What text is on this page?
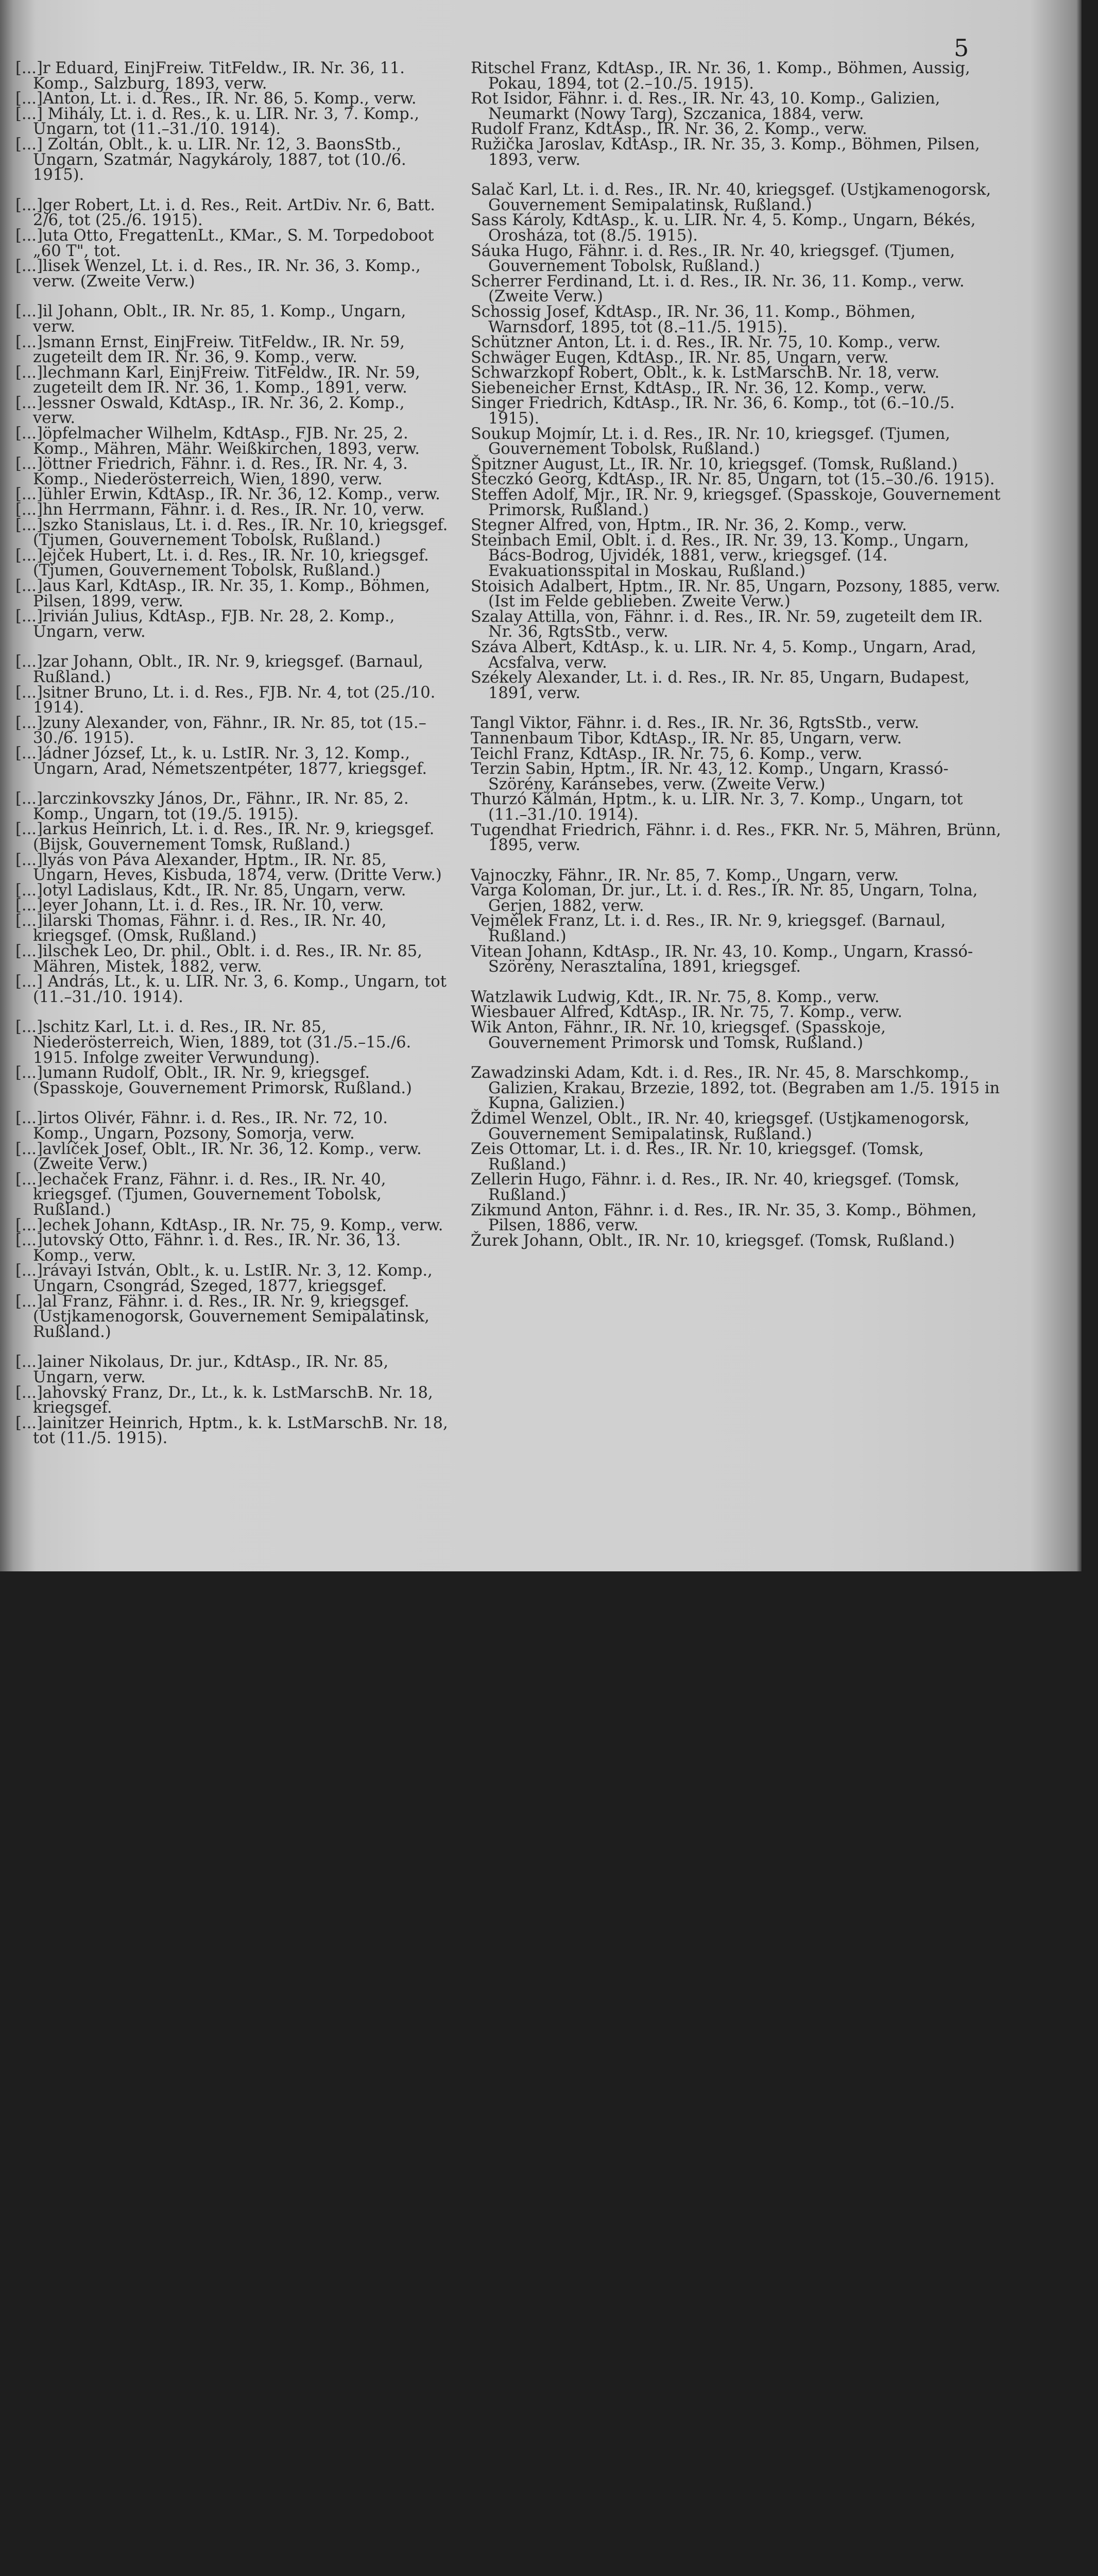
5
[...]r Eduard, EinjFreiw. TitFeldw., IR. Nr. 36, 11. Komp., Salzburg, 1893, verw.
[...]Anton, Lt. i. d. Res., IR. Nr. 86, 5. Komp., verw.
[...] Mihály, Lt. i. d. Res., k. u. LIR. Nr. 3, 7. Komp., Ungarn, tot (11.–31./10. 1914).
[...] Zoltán, Oblt., k. u. LIR. Nr. 12, 3. BaonsStb., Ungarn, Szatmár, Nagykároly, 1887, tot (10./6. 1915).
[...]ger Robert, Lt. i. d. Res., Reit. ArtDiv. Nr. 6, Batt. 2/6, tot (25./6. 1915).
[...]uta Otto, FregattenLt., KMar., S. M. Torpedoboot „60 T", tot.
[...]lisek Wenzel, Lt. i. d. Res., IR. Nr. 36, 3. Komp., verw. (Zweite Verw.)
[...]il Johann, Oblt., IR. Nr. 85, 1. Komp., Ungarn, verw.
[...]smann Ernst, EinjFreiw. TitFeldw., IR. Nr. 59, zugeteilt dem IR. Nr. 36, 9. Komp., verw.
[...]lechmann Karl, EinjFreiw. TitFeldw., IR. Nr. 59, zugeteilt dem IR. Nr. 36, 1. Komp., 1891, verw.
[...]essner Oswald, KdtAsp., IR. Nr. 36, 2. Komp., verw.
[...]öpfelmacher Wilhelm, KdtAsp., FJB. Nr. 25, 2. Komp., Mähren, Mähr. Weißkirchen, 1893, verw.
[...]öttner Friedrich, Fähnr. i. d. Res., IR. Nr. 4, 3. Komp., Niederösterreich, Wien, 1890, verw.
[...]ühler Erwin, KdtAsp., IR. Nr. 36, 12. Komp., verw.
[...]hn Herrmann, Fähnr. i. d. Res., IR. Nr. 10, verw.
[...]szko Stanislaus, Lt. i. d. Res., IR. Nr. 10, kriegsgef. (Tjumen, Gouvernement Tobolsk, Rußland.)
[...]ejček Hubert, Lt. i. d. Res., IR. Nr. 10, kriegsgef. (Tjumen, Gouvernement Tobolsk, Rußland.)
[...]aus Karl, KdtAsp., IR. Nr. 35, 1. Komp., Böhmen, Pilsen, 1899, verw.
[...]rivián Julius, KdtAsp., FJB. Nr. 28, 2. Komp., Ungarn, verw.
[...]zar Johann, Oblt., IR. Nr. 9, kriegsgef. (Barnaul, Rußland.)
[...]sitner Bruno, Lt. i. d. Res., FJB. Nr. 4, tot (25./10. 1914).
[...]zuny Alexander, von, Fähnr., IR. Nr. 85, tot (15.–30./6. 1915).
[...]ádner József, Lt., k. u. LstIR. Nr. 3, 12. Komp., Ungarn, Arad, Németszentpéter, 1877, kriegsgef.
[...]arczinkovszky János, Dr., Fähnr., IR. Nr. 85, 2. Komp., Ungarn, tot (19./5. 1915).
[...]arkus Heinrich, Lt. i. d. Res., IR. Nr. 9, kriegsgef. (Bijsk, Gouvernement Tomsk, Rußland.)
[...]lyás von Páva Alexander, Hptm., IR. Nr. 85, Ungarn, Heves, Kisbuda, 1874, verw. (Dritte Verw.)
[...]otyl Ladislaus, Kdt., IR. Nr. 85, Ungarn, verw.
[...]eyer Johann, Lt. i. d. Res., IR. Nr. 10, verw.
[...]ilarski Thomas, Fähnr. i. d. Res., IR. Nr. 40, kriegsgef. (Omsk, Rußland.)
[...]ilschek Leo, Dr. phil., Oblt. i. d. Res., IR. Nr. 85, Mähren, Mistek, 1882, verw.
[...] András, Lt., k. u. LIR. Nr. 3, 6. Komp., Ungarn, tot (11.–31./10. 1914).
[...]schitz Karl, Lt. i. d. Res., IR. Nr. 85, Niederösterreich, Wien, 1889, tot (31./5.–15./6. 1915. Infolge zweiter Verwundung).
[...]umann Rudolf, Oblt., IR. Nr. 9, kriegsgef. (Spasskoje, Gouvernement Primorsk, Rußland.)
[...]irtos Olivér, Fähnr. i. d. Res., IR. Nr. 72, 10. Komp., Ungarn, Pozsony, Somorja, verw.
[...]avlíček Josef, Oblt., IR. Nr. 36, 12. Komp., verw. (Zweite Verw.)
[...]echaček Franz, Fähnr. i. d. Res., IR. Nr. 40, kriegsgef. (Tjumen, Gouvernement Tobolsk, Rußland.)
[...]echek Johann, KdtAsp., IR. Nr. 75, 9. Komp., verw.
[...]utovský Otto, Fähnr. i. d. Res., IR. Nr. 36, 13. Komp., verw.
[...]rávayi István, Oblt., k. u. LstIR. Nr. 3, 12. Komp., Ungarn, Csongrád, Szeged, 1877, kriegsgef.
[...]al Franz, Fähnr. i. d. Res., IR. Nr. 9, kriegsgef. (Ustjkamenogorsk, Gouvernement Semipalatinsk, Rußland.)
[...]ainer Nikolaus, Dr. jur., KdtAsp., IR. Nr. 85, Ungarn, verw.
[...]ahovský Franz, Dr., Lt., k. k. LstMarschB. Nr. 18, kriegsgef.
[...]ainitzer Heinrich, Hptm., k. k. LstMarschB. Nr. 18, tot (11./5. 1915).
Ritschel Franz, KdtAsp., IR. Nr. 36, 1. Komp., Böhmen, Aussig, Pokau, 1894, tot (2.–10./5. 1915).
Rot Isidor, Fähnr. i. d. Res., IR. Nr. 43, 10. Komp., Galizien, Neumarkt (Nowy Targ), Szczanica, 1884, verw.
Rudolf Franz, KdtAsp., IR. Nr. 36, 2. Komp., verw.
Ružička Jaroslav, KdtAsp., IR. Nr. 35, 3. Komp., Böhmen, Pilsen, 1893, verw.
Salač Karl, Lt. i. d. Res., IR. Nr. 40, kriegsgef. (Ustjkamenogorsk, Gouvernement Semipalatinsk, Rußland.)
Sass Károly, KdtAsp., k. u. LIR. Nr. 4, 5. Komp., Ungarn, Békés, Orosháza, tot (8./5. 1915).
Sáuka Hugo, Fähnr. i. d. Res., IR. Nr. 40, kriegsgef. (Tjumen, Gouvernement Tobolsk, Rußland.)
Scherrer Ferdinand, Lt. i. d. Res., IR. Nr. 36, 11. Komp., verw. (Zweite Verw.)
Schossig Josef, KdtAsp., IR. Nr. 36, 11. Komp., Böhmen, Warnsdorf, 1895, tot (8.–11./5. 1915).
Schützner Anton, Lt. i. d. Res., IR. Nr. 75, 10. Komp., verw.
Schwäger Eugen, KdtAsp., IR. Nr. 85, Ungarn, verw.
Schwarzkopf Robert, Oblt., k. k. LstMarschB. Nr. 18, verw.
Siebeneicher Ernst, KdtAsp., IR. Nr. 36, 12. Komp., verw.
Singer Friedrich, KdtAsp., IR. Nr. 36, 6. Komp., tot (6.–10./5. 1915).
Soukup Mojmír, Lt. i. d. Res., IR. Nr. 10, kriegsgef. (Tjumen, Gouvernement Tobolsk, Rußland.)
Špitzner August, Lt., IR. Nr. 10, kriegsgef. (Tomsk, Rußland.)
Steczkó Georg, KdtAsp., IR. Nr. 85, Ungarn, tot (15.–30./6. 1915).
Steffen Adolf, Mjr., IR. Nr. 9, kriegsgef. (Spasskoje, Gouvernement Primorsk, Rußland.)
Stegner Alfred, von, Hptm., IR. Nr. 36, 2. Komp., verw.
Steinbach Emil, Oblt. i. d. Res., IR. Nr. 39, 13. Komp., Ungarn, Bács-Bodrog, Ujvidék, 1881, verw., kriegsgef. (14. Evakuationsspital in Moskau, Rußland.)
Stoisich Adalbert, Hptm., IR. Nr. 85, Ungarn, Pozsony, 1885, verw. (Ist im Felde geblieben. Zweite Verw.)
Szalay Attilla, von, Fähnr. i. d. Res., IR. Nr. 59, zugeteilt dem IR. Nr. 36, RgtsStb., verw.
Száva Albert, KdtAsp., k. u. LIR. Nr. 4, 5. Komp., Ungarn, Arad, Acsfalva, verw.
Székely Alexander, Lt. i. d. Res., IR. Nr. 85, Ungarn, Budapest, 1891, verw.
Tangl Viktor, Fähnr. i. d. Res., IR. Nr. 36, RgtsStb., verw.
Tannenbaum Tibor, KdtAsp., IR. Nr. 85, Ungarn, verw.
Teichl Franz, KdtAsp., IR. Nr. 75, 6. Komp., verw.
Terzin Sabin, Hptm., IR. Nr. 43, 12. Komp., Ungarn, Krassó-Szörény, Karánsebes, verw. (Zweite Verw.)
Thurzó Kálmán, Hptm., k. u. LIR. Nr. 3, 7. Komp., Ungarn, tot (11.–31./10. 1914).
Tugendhat Friedrich, Fähnr. i. d. Res., FKR. Nr. 5, Mähren, Brünn, 1895, verw.
Vajnoczky, Fähnr., IR. Nr. 85, 7. Komp., Ungarn, verw.
Varga Koloman, Dr. jur., Lt. i. d. Res., IR. Nr. 85, Ungarn, Tolna, Gerjen, 1882, verw.
Vejmělek Franz, Lt. i. d. Res., IR. Nr. 9, kriegsgef. (Barnaul, Rußland.)
Vitean Johann, KdtAsp., IR. Nr. 43, 10. Komp., Ungarn, Krassó-Szörény, Nerasztalina, 1891, kriegsgef.
Watzlawik Ludwig, Kdt., IR. Nr. 75, 8. Komp., verw.
Wiesbauer Alfred, KdtAsp., IR. Nr. 75, 7. Komp., verw.
Wik Anton, Fähnr., IR. Nr. 10, kriegsgef. (Spasskoje, Gouvernement Primorsk und Tomsk, Rußland.)
Zawadzinski Adam, Kdt. i. d. Res., IR. Nr. 45, 8. Marschkomp., Galizien, Krakau, Brzezie, 1892, tot. (Begraben am 1./5. 1915 in Kupna, Galizien.)
Ždimel Wenzel, Oblt., IR. Nr. 40, kriegsgef. (Ustjkamenogorsk, Gouvernement Semipalatinsk, Rußland.)
Zeis Ottomar, Lt. i. d. Res., IR. Nr. 10, kriegsgef. (Tomsk, Rußland.)
Zellerin Hugo, Fähnr. i. d. Res., IR. Nr. 40, kriegsgef. (Tomsk, Rußland.)
Zikmund Anton, Fähnr. i. d. Res., IR. Nr. 35, 3. Komp., Böhmen, Pilsen, 1886, verw.
Žurek Johann, Oblt., IR. Nr. 10, kriegsgef. (Tomsk, Rußland.)
